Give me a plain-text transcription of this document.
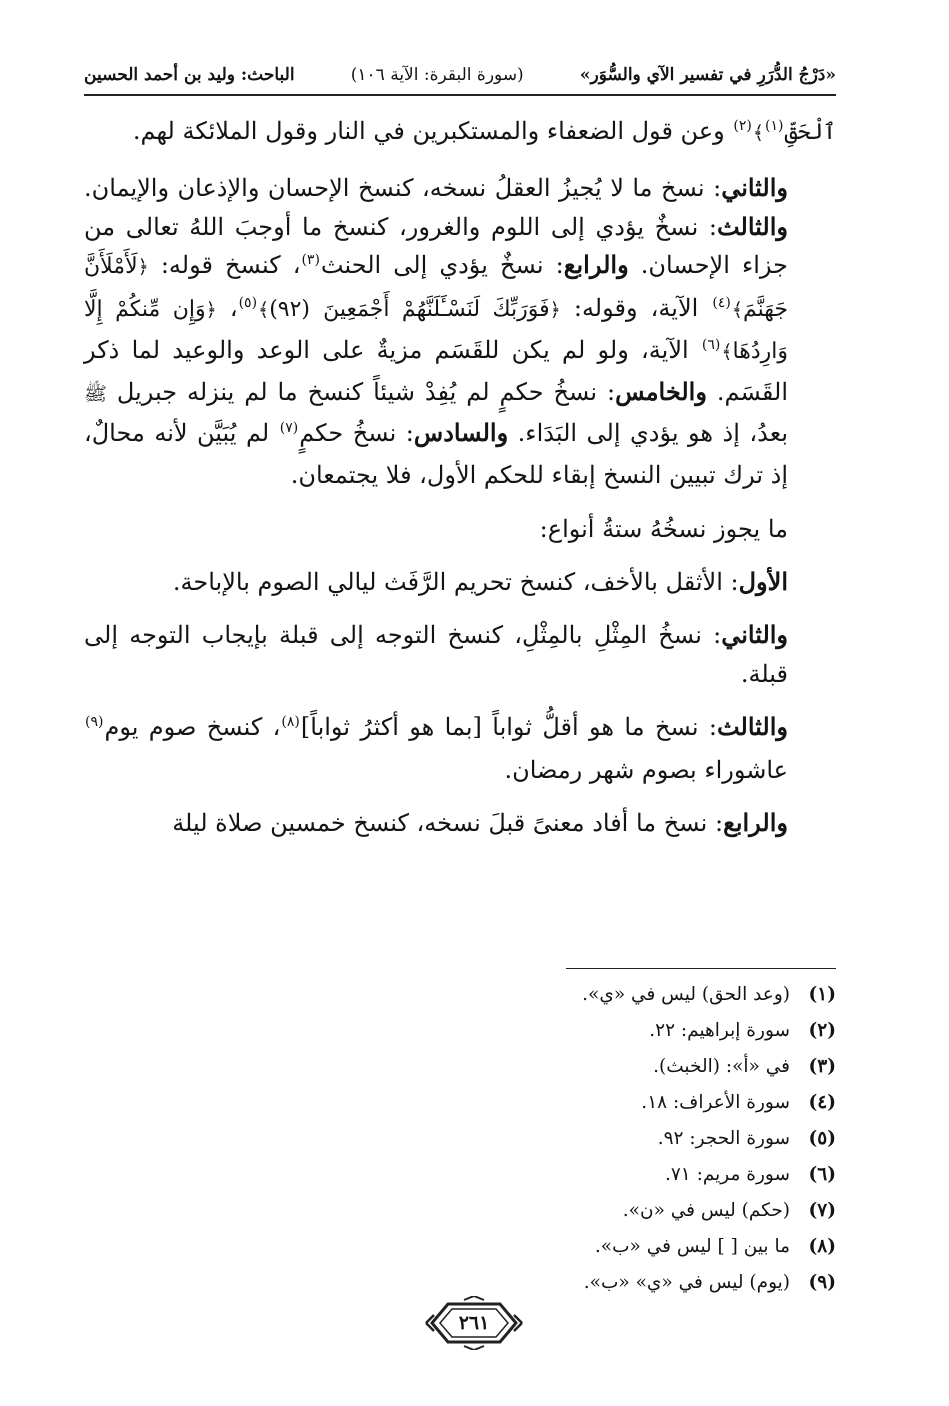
«دَرْجُ الدُّرَرِ في تفسير الآي والسُّوَر»
(سورة البقرة: الآية ١٠٦)
الباحث: وليد بن أحمد الحسين

ٱلْحَقِّ$^{(١)}$﴾$^{(٢)}$ وعن قول الضعفاء والمستكبرين في النار وقول الملائكة لهم.

والثاني: نسخ ما لا يُجيزُ العقلُ نسخه، كنسخ الإحسان والإذعان والإيمان. والثالث: نسخٌ يؤدي إلى اللوم والغرور، كنسخ ما أوجبَ اللهُ تعالى من جزاء الإحسان. والرابع: نسخٌ يؤدي إلى الحنث$^{(٣)}$، كنسخ قوله: ﴿لَأَمْلَأَنَّ جَهَنَّمَ﴾$^{(٤)}$ الآية، وقوله: ﴿فَوَرَبِّكَ لَنَسْـَٔلَنَّهُمْ أَجْمَعِينَ (٩٢)﴾$^{(٥)}$، ﴿وَإِن مِّنكُمْ إِلَّا وَارِدُهَا﴾$^{(٦)}$ الآية، ولو لم يكن للقَسَم مزيةٌ على الوعد والوعيد لما ذكر القَسَم. والخامس: نسخُ حكمٍ لم يُفِدْ شيئاً كنسخ ما لم ينزله جبريل ﷺ بعدُ، إذ هو يؤدي إلى البَدَاء. والسادس: نسخُ حكمٍ$^{(٧)}$ لم يُبَيَّن لأنه محالٌ، إذ ترك تبيين النسخ إبقاء للحكم الأول، فلا يجتمعان.

ما يجوز نسخُهُ ستةُ أنواع:

الأول: الأثقل بالأخف، كنسخ تحريم الرَّفَث ليالي الصوم بالإباحة.

والثاني: نسخُ المِثْلِ بالمِثْلِ، كنسخ التوجه إلى قبلة بإيجاب التوجه إلى قبلة.

والثالث: نسخ ما هو أقلُّ ثواباً [بما هو أكثرُ ثواباً]$^{(٨)}$، كنسخ صوم يوم$^{(٩)}$ عاشوراء بصوم شهر رمضان.

والرابع: نسخ ما أفاد معنىً قبلَ نسخه، كنسخ خمسين صلاة ليلة

(١)
(وعد الحق) ليس في «ي».
(٢)
سورة إبراهيم: ٢٢.
(٣)
في «أ»: (الخبث).
(٤)
سورة الأعراف: ١٨.
(٥)
سورة الحجر: ٩٢.
(٦)
سورة مريم: ٧١.
(٧)
(حكم) ليس في «ن».
(٨)
ما بين [ ] ليس في «ب».
(٩)
(يوم) ليس في «ي» «ب».
٢٦١
